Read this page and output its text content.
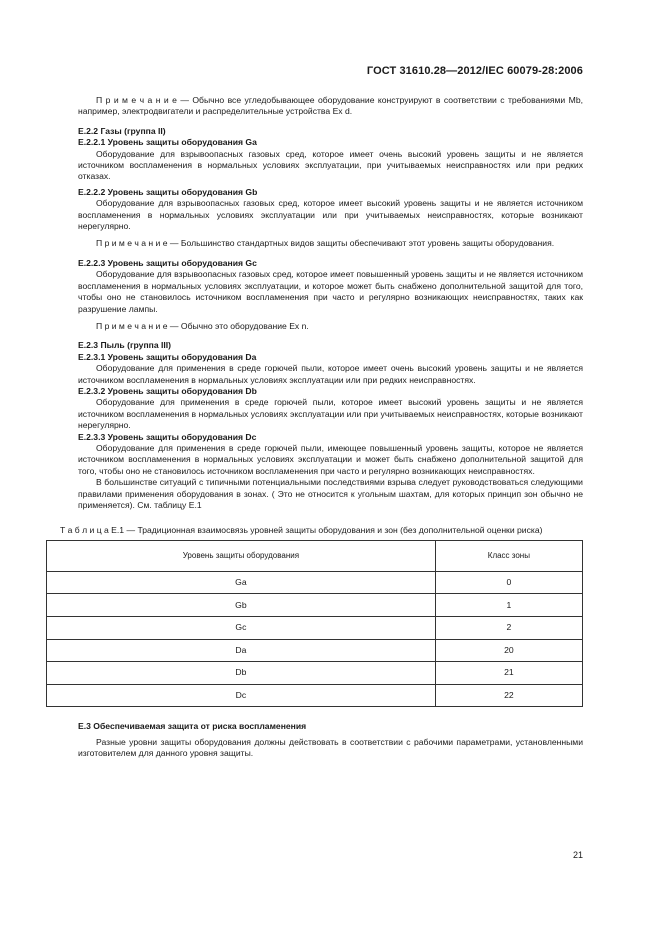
ГОСТ 31610.28—2012/IEC 60079-28:2006

П р и м е ч а н и е — Обычно все угледобывающее оборудование конструируют в соответствии с требованиями Mb, например, электродвигатели и распределительные устройства Ex d.

Е.2.2 Газы (группа II)

Е.2.2.1 Уровень защиты оборудования Ga

Оборудование для взрывоопасных газовых сред, которое имеет очень высокий уровень защиты и не является источником воспламенения в нормальных условиях эксплуатации, при учитываемых неисправностях или при редких отказах.

Е.2.2.2 Уровень защиты оборудования Gb

Оборудование для взрывоопасных газовых сред, которое имеет высокий уровень защиты и не является источником воспламенения в нормальных условиях эксплуатации или при учитываемых неисправностях, которые возникают нерегулярно.

П р и м е ч а н и е — Большинство стандартных видов защиты обеспечивают этот уровень защиты оборудования.

Е.2.2.3 Уровень защиты оборудования Gc

Оборудование для взрывоопасных газовых сред, которое имеет повышенный уровень защиты и не является источником воспламенения в нормальных условиях эксплуатации, и которое может быть снабжено дополнительной защитой для того, чтобы оно не становилось источником воспламенения при часто и регулярно возникающих неисправностях, таких как разрушение лампы.

П р и м е ч а н и е — Обычно это оборудование Ex n.

Е.2.3 Пыль (группа III)

Е.2.3.1 Уровень защиты оборудования Da

Оборудование для применения в среде горючей пыли, которое имеет очень высокий уровень защиты и не является источником воспламенения в нормальных условиях эксплуатации или при редких неисправностях.

Е.2.3.2 Уровень защиты оборудования Db

Оборудование для применения в среде горючей пыли, которое имеет высокий уровень защиты и не является источником воспламенения в нормальных условиях эксплуатации или при учитываемых неисправностях, которые возникают нерегулярно.

Е.2.3.3 Уровень защиты оборудования Dc

Оборудование для применения в среде горючей пыли, имеющее повышенный уровень защиты, которое не является источником воспламенения в нормальных условиях эксплуатации и может быть снабжено дополнительной защитой для того, чтобы оно не становилось источником воспламенения при часто и регулярно возникающих неисправностях.

В большинстве ситуаций с типичными потенциальными последствиями взрыва следует руководствоваться следующими правилами применения оборудования в зонах. ( Это не относится к угольным шахтам, для которых принцип зон обычно не применяется). См. таблицу Е.1

Т а б л и ц а Е.1 — Традиционная взаимосвязь уровней защиты оборудования и зон (без дополнительной оценки риска)

Уровень защиты оборудования	Класс зоны
Ga	0
Gb	1
Gc	2
Da	20
Db	21
Dc	22

Е.3 Обеспечиваемая защита от риска воспламенения

Разные уровни защиты оборудования должны действовать в соответствии с рабочими параметрами, установленными изготовителем для данного уровня защиты.

21
